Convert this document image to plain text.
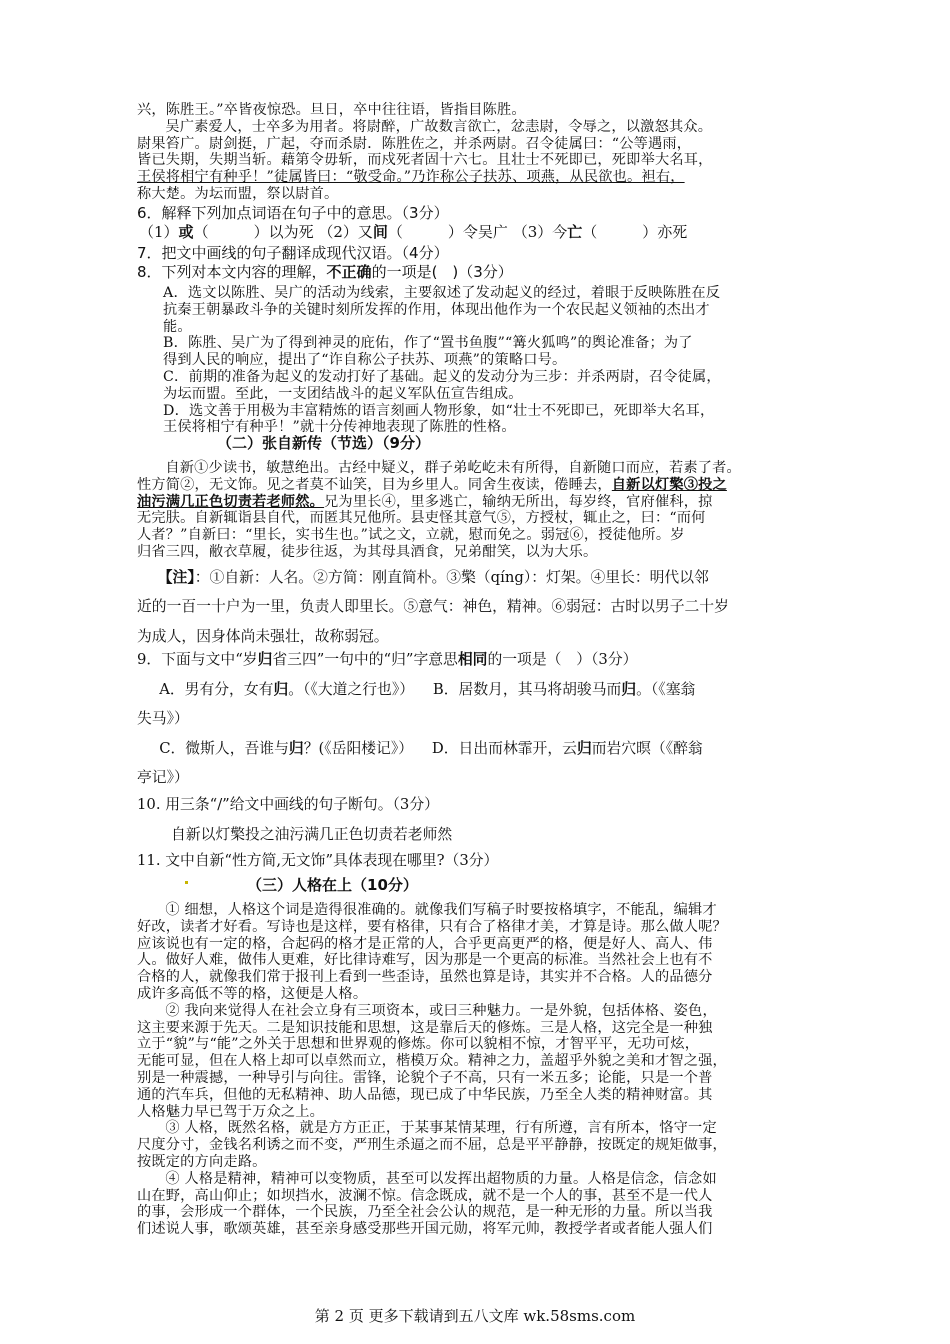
兴，陈胜王。”卒皆夜惊恐。旦日，卒中往往语，皆指目陈胜。

吴广素爱人，士卒多为用者。将尉醉，广故数言欲亡，忿恚尉，令辱之，以激怒其众。

尉果笞广。尉剑挺，广起，夺而杀尉．陈胜佐之，并杀两尉。召令徒属曰：“公等遇雨，

皆已失期，失期当斩。藉第令毋斩，而戍死者固十六七。且壮士不死即已，死即举大名耳，

王侯将相宁有种乎！”徒属皆曰：“敬受命。”乃诈称公子扶苏、项燕，从民欲也。袒右，

称大楚。为坛而盟，祭以尉首。

6．解释下列加点词语在句子中的意思。（3分）

（1）或（　　　）以为死 （2）又间（　　　）令吴广 （3）今亡（　　　）亦死

7．把文中画线的句子翻译成现代汉语。（4分）

8．下列对本文内容的理解，不正确的一项是(　)（3分）

A．选文以陈胜、吴广的活动为线索，主要叙述了发动起义的经过，着眼于反映陈胜在反

抗秦王朝暴政斗争的关键时刻所发挥的作用，体现出他作为一个农民起义领袖的杰出才

能。

B．陈胜、吴广为了得到神灵的庇佑，作了“置书鱼腹”“篝火狐鸣”的舆论准备；为了

得到人民的响应，提出了“诈自称公子扶苏、项燕”的策略口号。

C．前期的准备为起义的发动打好了基础。起义的发动分为三步：并杀两尉，召令徒属，

为坛而盟。至此，一支团结战斗的起义军队伍宣告组成。

D．选文善于用极为丰富精炼的语言刻画人物形象，如“壮士不死即已，死即举大名耳，

王侯将相宁有种乎！”就十分传神地表现了陈胜的性格。

（二）张自新传（节选）（9分）

自新①少读书，敏慧绝出。古经中疑义，群子弟屹屹未有所得，自新随口而应，若素了者。

性方简②，无文饰。见之者莫不讪笑，目为乡里人。同舍生夜读，倦睡去，自新以灯檠③投之

油污满几正色切责若老师然。兄为里长④，里多逃亡，输纳无所出，每岁终，官府催科，掠

无完肤。自新辄诣县自代，而匿其兄他所。县吏怪其意气⑤，方授杖，辄止之，曰：“而何

人者？”自新曰：“里长，实书生也。”试之文，立就，慰而免之。弱冠⑥，授徒他所。岁

归省三四，敝衣草履，徒步往返，为其母具酒食，兄弟酣笑，以为大乐。

【注】：①自新：人名。②方简：刚直简朴。③檠（qíng）：灯架。④里长：明代以邻

近的一百一十户为一里，负责人即里长。⑤意气：神色，精神。⑥弱冠：古时以男子二十岁

为成人，因身体尚未强壮，故称弱冠。

9．下面与文中“岁归省三四”一句中的“归”字意思相同的一项是（　）（3分）

A．男有分，女有归。（《大道之行也》） B．居数月，其马将胡骏马而归。（《塞翁

失马》）

C．微斯人，吾谁与归？(《岳阳楼记》） D．日出而林霏开，云归而岩穴暝（《醉翁

亭记》）

10. 用三条“/”给文中画线的句子断句。（3分）

自新以灯檠投之油污满几正色切责若老师然

11. 文中自新“性方简,无文饰”具体表现在哪里?（3分）

（三）人格在上（10分）

① 细想，人格这个词是造得很准确的。就像我们写稿子时要按格填字，不能乱，编辑才

好改，读者才好看。写诗也是这样，要有格律，只有合了格律才美，才算是诗。那么做人呢？

应该说也有一定的格，合起码的格才是正常的人，合乎更高更严的格，便是好人、高人、伟

人。做好人难，做伟人更难，好比律诗难写，因为那是一个更高的标准。当然社会上也有不

合格的人，就像我们常于报刊上看到一些歪诗，虽然也算是诗，其实并不合格。人的品德分

成许多高低不等的格，这便是人格。

② 我向来觉得人在社会立身有三项资本，或曰三种魅力。一是外貌，包括体格、姿色，

这主要来源于先天。二是知识技能和思想，这是靠后天的修炼。三是人格，这完全是一种独

立于“貌”与“能”之外关于思想和世界观的修炼。你可以貌相不惊，才智平平，无功可炫，

无能可显，但在人格上却可以卓然而立，楷模万众。精神之力，盖超乎外貌之美和才智之强，

别是一种震撼，一种导引与向往。雷锋，论貌个子不高，只有一米五多；论能，只是一个普

通的汽车兵，但他的无私精神、助人品德，现已成了中华民族，乃至全人类的精神财富。其

人格魅力早已驾于万众之上。

③ 人格，既然名格，就是方方正正，于某事某情某理，行有所遵，言有所本，恪守一定

尺度分寸，金钱名利诱之而不变，严刑生杀逼之而不屈，总是平平静静，按既定的规矩做事，

按既定的方向走路。

④ 人格是精神，精神可以变物质，甚至可以发挥出超物质的力量。人格是信念，信念如

山在野，高山仰止；如坝挡水，波澜不惊。信念既成，就不是一个人的事，甚至不是一代人

的事，会形成一个群体，一个民族，乃至全社会公认的规范，是一种无形的力量。所以当我

们述说人事，歌颂英雄，甚至亲身感受那些开国元勋，将军元帅，教授学者或者能人强人们

第 2 页 更多下载请到五八文库 wk.58sms.com
